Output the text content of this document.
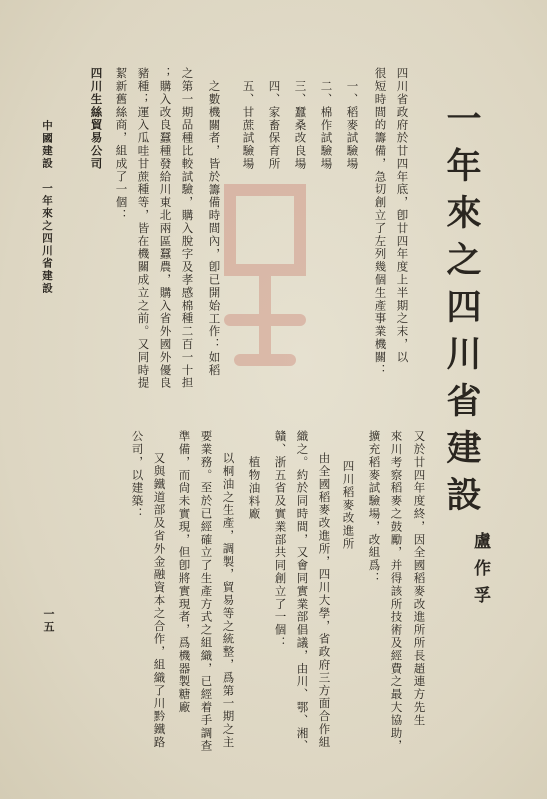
一年來之四川省建設
盧作孚
中國建設　一年來之四川省建設
一五
四川省政府於廿四年底，卽廿四年度上半期之末，以
很短時間的籌備，急切創立了左列幾個生產事業機關：
一、稻麥試驗場
二、棉作試驗場
三、蠶桑改良場
四、家畜保育所
五、甘蔗試驗場
之數機關者，皆於籌備時間內，卽已開始工作：如稻
之第一期品種比較試驗，購入脫字及孝感棉種二百一十担
；購入改良蠶種發給川東北兩區蠶農，購入省外國外優良
豬種；運入瓜哇甘蔗種等，皆在機關成立之前。又同時提
絜新舊絲商，組成了一個：
四川生絲貿易公司
又於廿四年度終，因全國稻麥改進所所長趙連方先生
來川考察稻麥之鼓勵，并得該所技術及經費之最大協助，
擴充稻麥試驗場，改組爲：
四川稻麥改進所
由全國稻麥改進所，四川大學，省政府三方面合作組
織之。約於同時間，又會同實業部倡議，由川、鄂、湘、
贛、浙五省及實業部共同創立了一個：
植物油料廠
以桐油之生產，調製，貿易等之統整，爲第一期之主
要業務。至於已經確立了生產方式之組織，已經着手調查
準備，而尙未實現，但卽將實現者，爲機器製糖廠
又與鐵道部及省外金融資本之合作，組織了川黔鐵路
公司，以建築：
